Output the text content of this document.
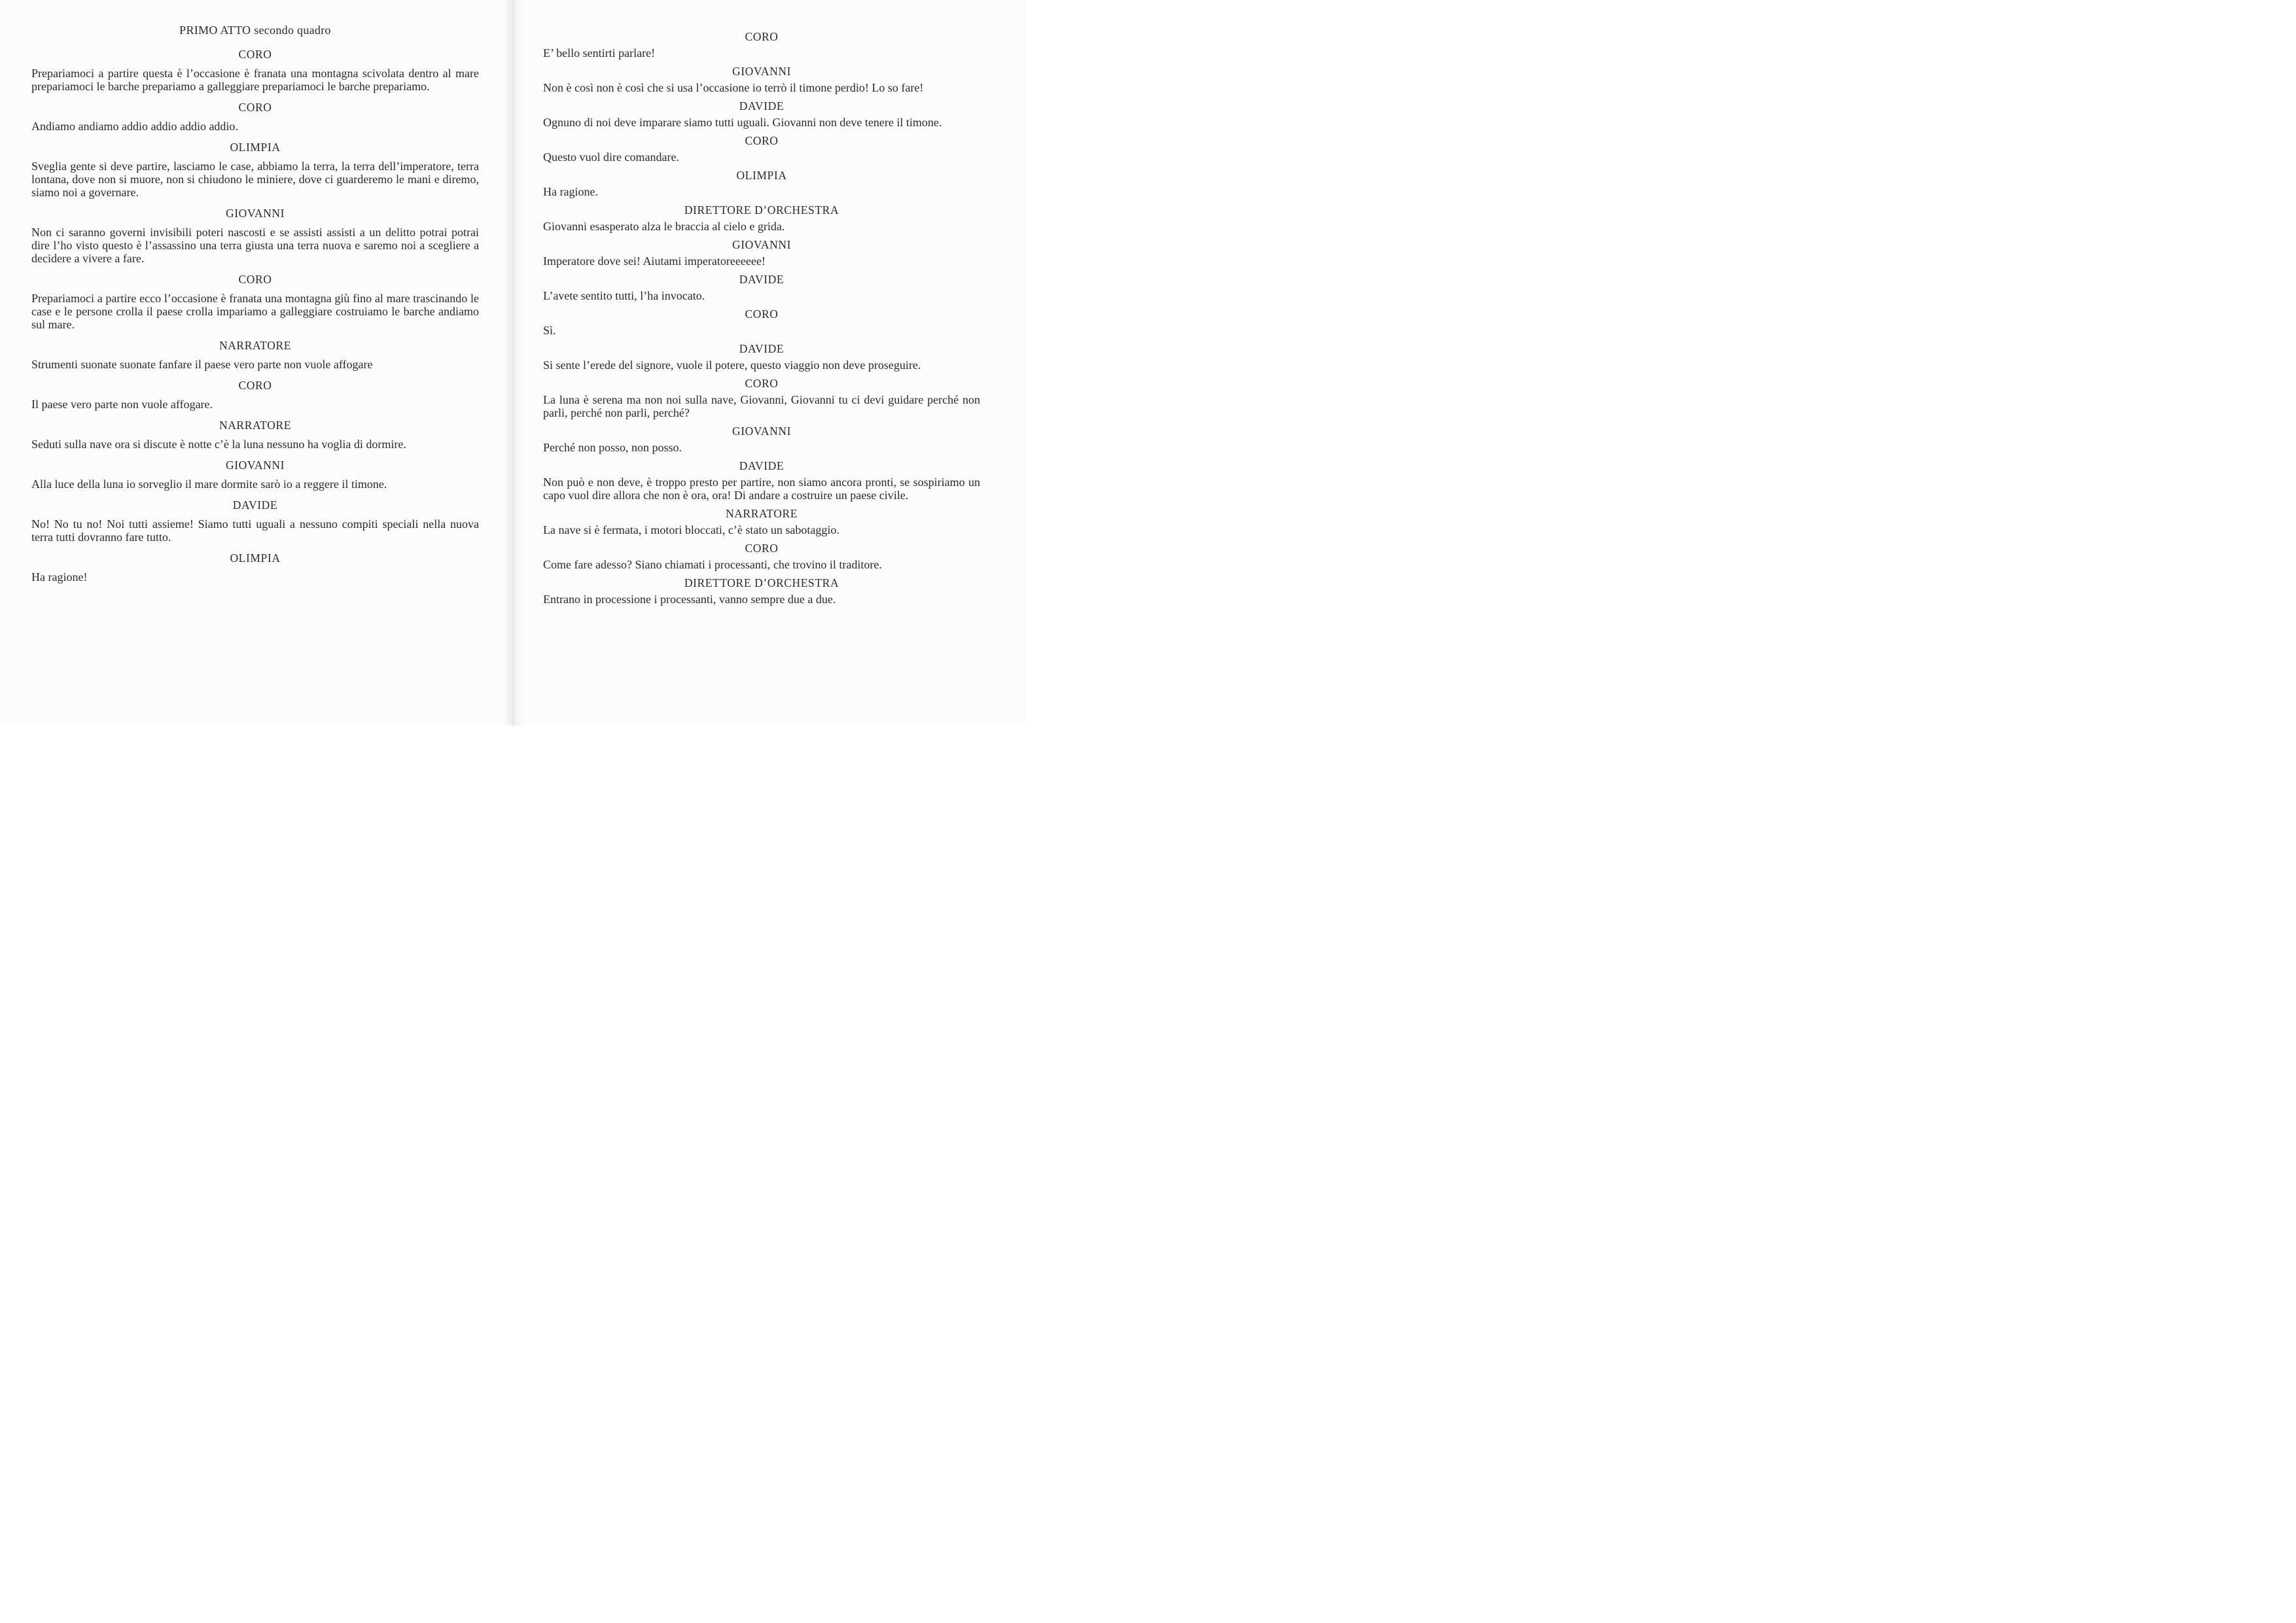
PRIMO ATTO secondo quadro
CORO
Prepariamoci a partire questa è l’occasione è franata una montagna scivolata dentro al mare prepariamoci le barche prepariamo a galleggiare prepariamoci le barche prepariamo.
CORO
Andiamo andiamo addio addio addio addio.
OLIMPIA
Sveglia gente si deve partire, lasciamo le case, abbiamo la terra, la terra dell’imperatore, terra lontana, dove non si muore, non si chiudono le miniere, dove ci guarderemo le mani e diremo, siamo noi a governare.
GIOVANNI
Non ci saranno governi invisibili poteri nascosti e se assisti assisti a un delitto potrai potrai dire l’ho visto questo è l’assassino una terra giusta una terra nuova e saremo noi a scegliere a decidere a vivere a fare.
CORO
Prepariamoci a partire ecco l’occasione è franata una montagna giù fino al mare trascinando le case e le persone crolla il paese crolla impariamo a galleggiare costruiamo le barche andiamo sul mare.
NARRATORE
Strumenti suonate suonate fanfare il paese vero parte non vuole affogare
CORO
Il paese vero parte non vuole affogare.
NARRATORE
Seduti sulla nave ora si discute è notte c’è la luna nessuno ha voglia di dormire.
GIOVANNI
Alla luce della luna io sorveglio il mare dormite sarò io a reggere il timone.
DAVIDE
No! No tu no! Noi tutti assieme! Siamo tutti uguali a nessuno compiti speciali nella nuova terra tutti dovranno fare tutto.
OLIMPIA
Ha ragione!
CORO
E’ bello sentirti parlare!
GIOVANNI
Non è così non è così che si usa l’occasione io terrò il timone perdio! Lo so fare!
DAVIDE
Ognuno di noi deve imparare siamo tutti uguali. Giovanni non deve tenere il timone.
CORO
Questo vuol dire comandare.
OLIMPIA
Ha ragione.
DIRETTORE D’ORCHESTRA
Giovanni esasperato alza le braccia al cielo e grida.
GIOVANNI
Imperatore dove sei! Aiutami imperatoreeeeee!
DAVIDE
L’avete sentito tutti, l’ha invocato.
CORO
Sì.
DAVIDE
Si sente l’erede del signore, vuole il potere, questo viaggio non deve proseguire.
CORO
La luna è serena ma non noi sulla nave, Giovanni, Giovanni tu ci devi guidare perché non parli, perché non parli, perché?
GIOVANNI
Perché non posso, non posso.
DAVIDE
Non può e non deve, è troppo presto per partire, non siamo ancora pronti, se sospiriamo un capo vuol dire allora che non è ora, ora! Di andare a costruire un paese civile.
NARRATORE
La nave si è fermata, i motori bloccati, c’è stato un sabotaggio.
CORO
Come fare adesso? Siano chiamati i processanti, che trovino il traditore.
DIRETTORE D’ORCHESTRA
Entrano in processione i processanti, vanno sempre due a due.
